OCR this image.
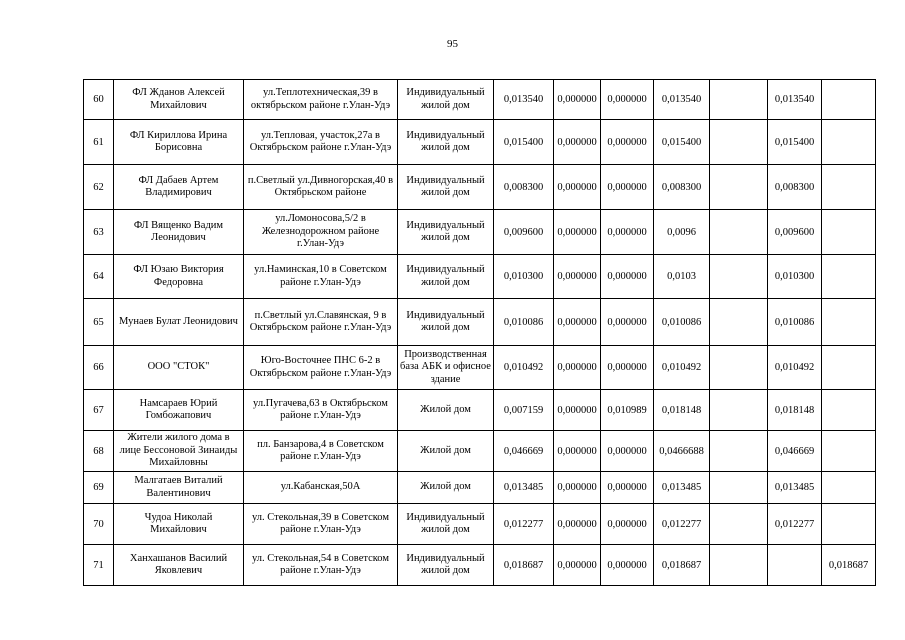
95
60	ФЛ Жданов Алексей Михайлович	ул.Теплотехническая,39 в октябрьском районе г.Улан-Удэ	Индивидуальный жилой дом	0,013540	0,000000	0,000000	0,013540		0,013540	
61	ФЛ Кириллова Ирина Борисовна	ул.Тепловая, участок,27а в Октябрьском районе г.Улан-Удэ	Индивидуальный жилой дом	0,015400	0,000000	0,000000	0,015400		0,015400	
62	ФЛ Дабаев Артем Владимирович	п.Светлый ул.Дивногорская,40 в Октябрьском районе	Индивидуальный жилой дом	0,008300	0,000000	0,000000	0,008300		0,008300	
63	ФЛ Вященко Вадим Леонидович	ул.Ломоносова,5/2 в Железнодорожном районе г.Улан-Удэ	Индивидуальный жилой дом	0,009600	0,000000	0,000000	0,0096		0,009600	
64	ФЛ Юзаю Виктория Федоровна	ул.Наминская,10 в Советском районе г.Улан-Удэ	Индивидуальный жилой дом	0,010300	0,000000	0,000000	0,0103		0,010300	
65	Мунаев Булат Леонидович	п.Светлый ул.Славянская, 9 в Октябрьском районе г.Улан-Удэ	Индивидуальный жилой дом	0,010086	0,000000	0,000000	0,010086		0,010086	
66	ООО "СТОК"	Юго-Восточнее ПНС 6-2 в Октябрьском районе г.Улан-Удэ	Производственная база АБК и офисное здание	0,010492	0,000000	0,000000	0,010492		0,010492	
67	Намсараев Юрий Гомбожапович	ул.Пугачева,63 в Октябрьском районе г.Улан-Удэ	Жилой дом	0,007159	0,000000	0,010989	0,018148		0,018148	
68	Жители жилого дома в лице Бессоновой Зинаиды Михайловны	пл. Банзарова,4 в Советском районе г.Улан-Удэ	Жилой дом	0,046669	0,000000	0,000000	0,0466688		0,046669	
69	Малгатаев Виталий Валентинович	ул.Кабанская,50А	Жилой дом	0,013485	0,000000	0,000000	0,013485		0,013485	
70	Чудоа Николай Михайлович	ул. Стекольная,39 в Советском районе г.Улан-Удэ	Индивидуальный жилой дом	0,012277	0,000000	0,000000	0,012277		0,012277	
71	Ханхашанов Василий Яковлевич	ул. Стекольная,54 в Советском районе г.Улан-Удэ	Индивидуальный жилой дом	0,018687	0,000000	0,000000	0,018687			0,018687
